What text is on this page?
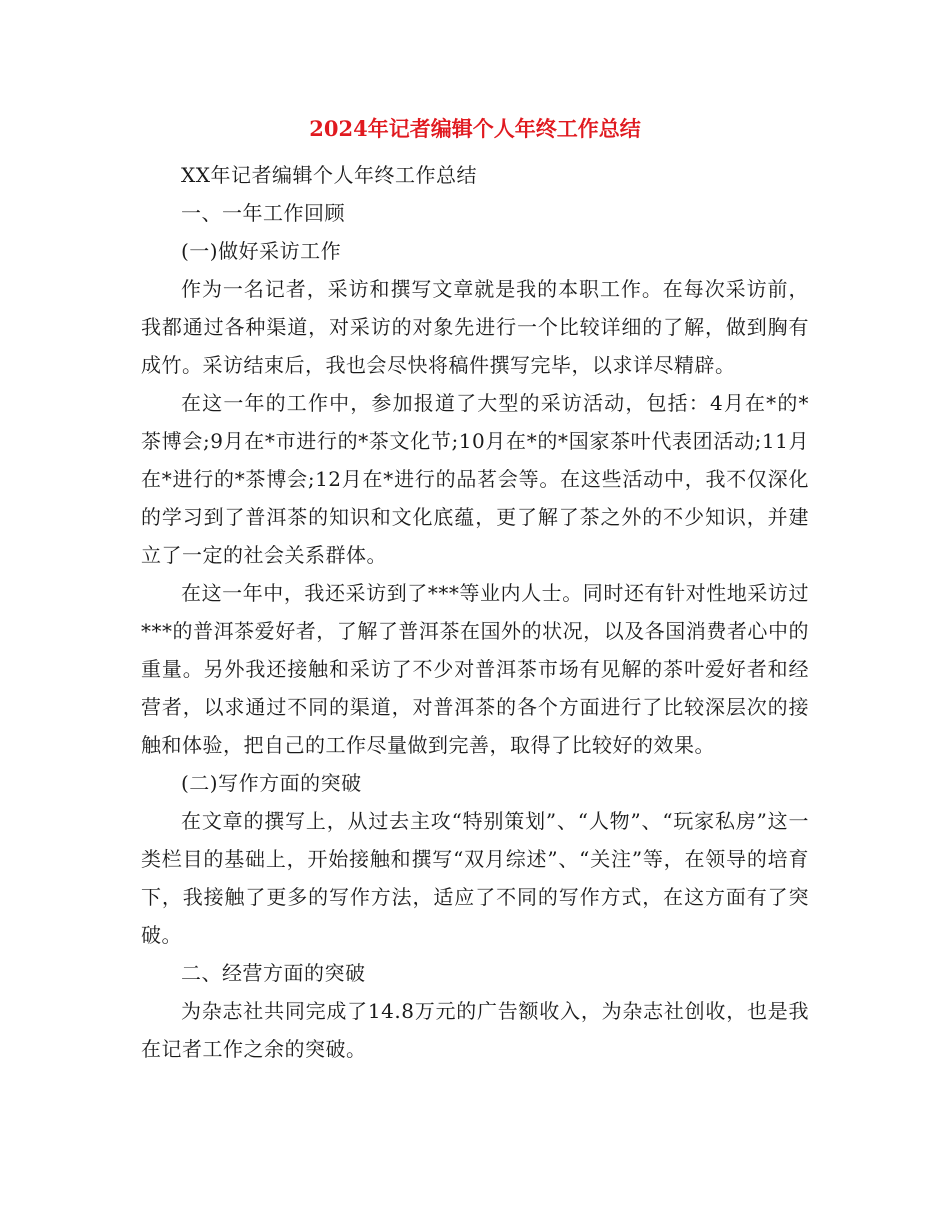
2024年记者编辑个人年终工作总结

XX年记者编辑个人年终工作总结

一、一年工作回顾

(一)做好采访工作

作为一名记者，采访和撰写文章就是我的本职工作。在每次采访前，我都通过各种渠道，对采访的对象先进行一个比较详细的了解，做到胸有成竹。采访结束后，我也会尽快将稿件撰写完毕，以求详尽精辟。

在这一年的工作中，参加报道了大型的采访活动，包括：4月在*的*茶博会;9月在*市进行的*茶文化节;10月在*的*国家茶叶代表团活动;11月在*进行的*茶博会;12月在*进行的品茗会等。在这些活动中，我不仅深化的学习到了普洱茶的知识和文化底蕴，更了解了茶之外的不少知识，并建立了一定的社会关系群体。

在这一年中，我还采访到了***等业内人士。同时还有针对性地采访过***的普洱茶爱好者，了解了普洱茶在国外的状况，以及各国消费者心中的重量。另外我还接触和采访了不少对普洱茶市场有见解的茶叶爱好者和经营者，以求通过不同的渠道，对普洱茶的各个方面进行了比较深层次的接触和体验，把自己的工作尽量做到完善，取得了比较好的效果。

(二)写作方面的突破

在文章的撰写上，从过去主攻“特别策划”、“人物”、“玩家私房”这一类栏目的基础上，开始接触和撰写“双月综述”、“关注”等，在领导的培育下，我接触了更多的写作方法，适应了不同的写作方式，在这方面有了突破。

二、经营方面的突破

为杂志社共同完成了14.8万元的广告额收入，为杂志社创收，也是我在记者工作之余的突破。
